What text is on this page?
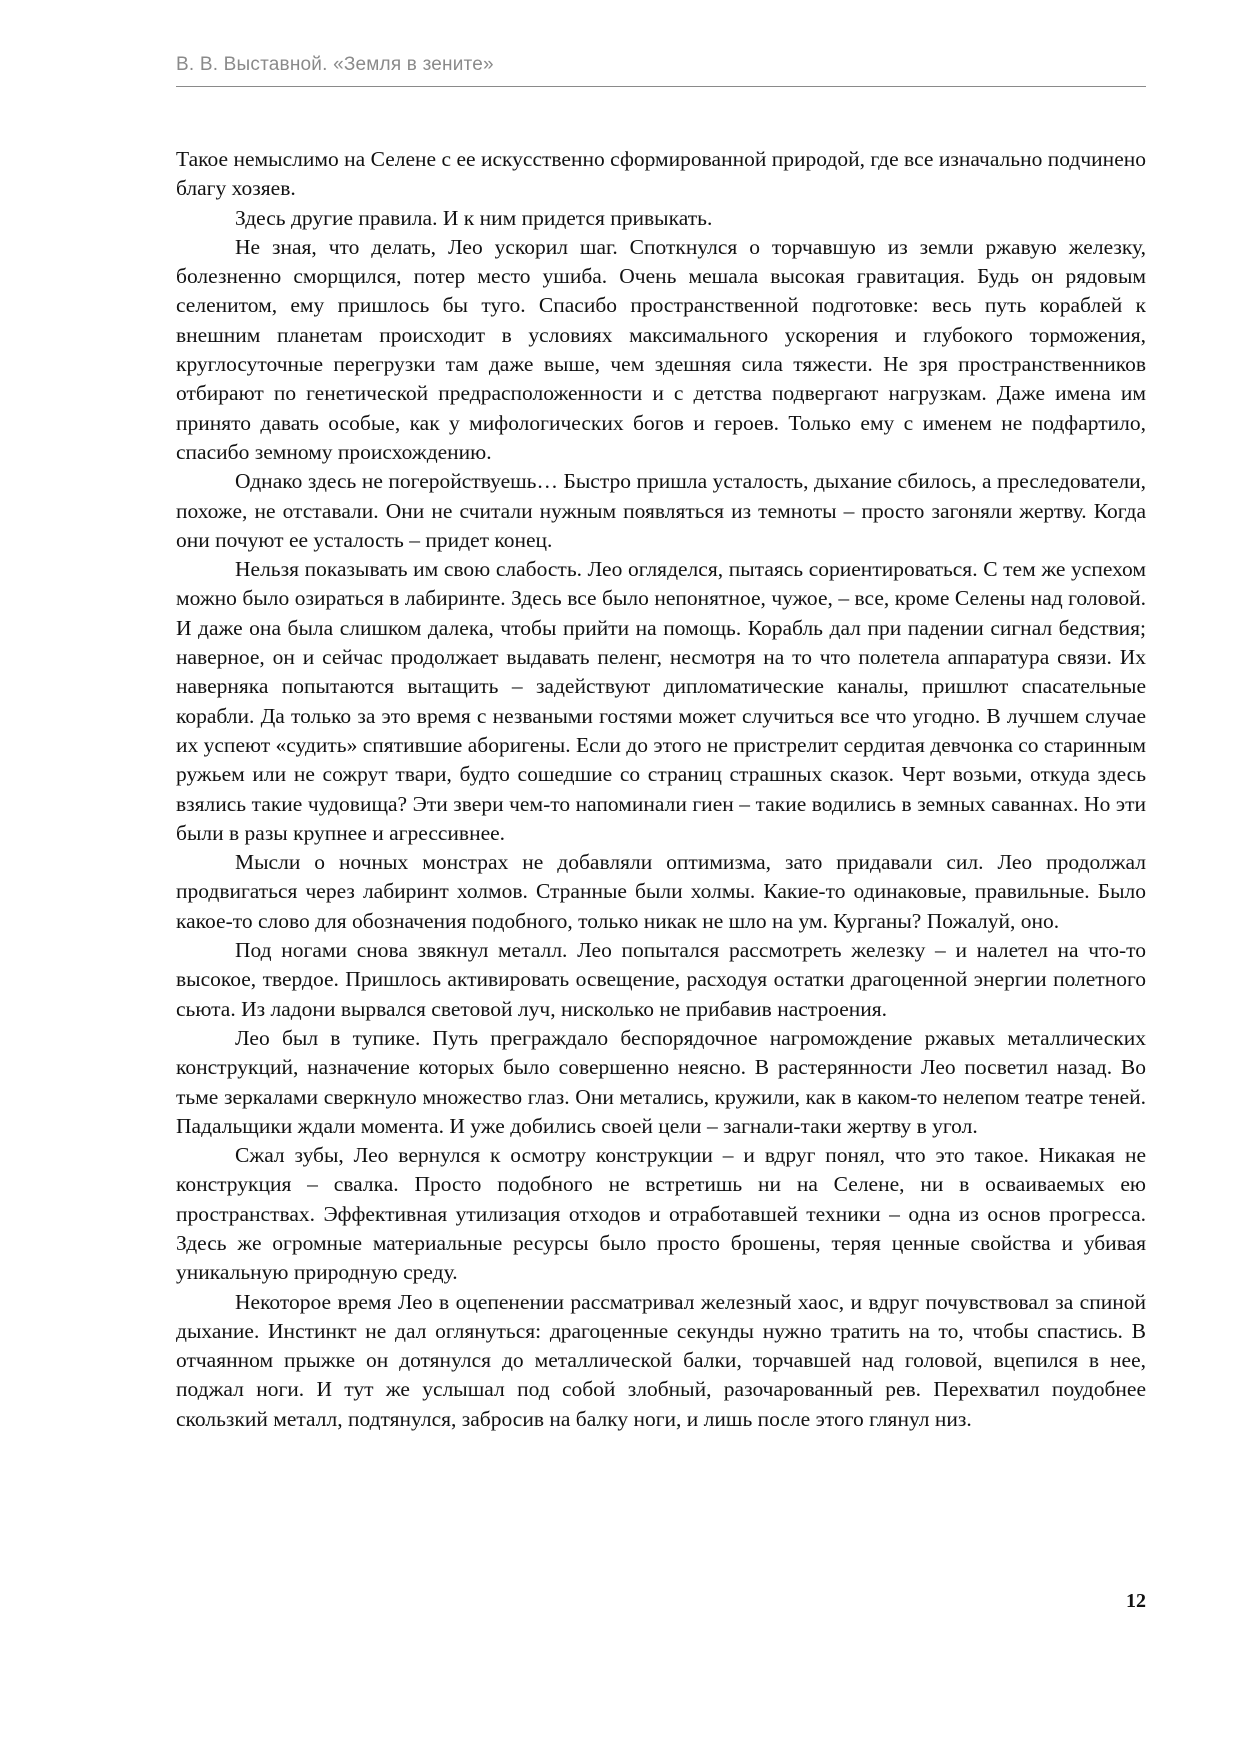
В. В. Выставной. «Земля в зените»

Такое немыслимо на Селене с ее искусственно сформированной природой, где все изначально подчинено благу хозяев.

Здесь другие правила. И к ним придется привыкать.

Не зная, что делать, Лео ускорил шаг. Споткнулся о торчавшую из земли ржавую железку, болезненно сморщился, потер место ушиба. Очень мешала высокая гравитация. Будь он рядовым селенитом, ему пришлось бы туго. Спасибо пространственной подготовке: весь путь кораблей к внешним планетам происходит в условиях максимального ускорения и глубокого торможения, круглосуточные перегрузки там даже выше, чем здешняя сила тяжести. Не зря пространственников отбирают по генетической предрасположенности и с детства подвергают нагрузкам. Даже имена им принято давать особые, как у мифологических богов и героев. Только ему с именем не подфартило, спасибо земному происхождению.

Однако здесь не погеройствуешь… Быстро пришла усталость, дыхание сбилось, а преследователи, похоже, не отставали. Они не считали нужным появляться из темноты – просто загоняли жертву. Когда они почуют ее усталость – придет конец.

Нельзя показывать им свою слабость. Лео огляделся, пытаясь сориентироваться. С тем же успехом можно было озираться в лабиринте. Здесь все было непонятное, чужое, – все, кроме Селены над головой. И даже она была слишком далека, чтобы прийти на помощь. Корабль дал при падении сигнал бедствия; наверное, он и сейчас продолжает выдавать пеленг, несмотря на то что полетела аппаратура связи. Их наверняка попытаются вытащить – задействуют дипломатические каналы, пришлют спасательные корабли. Да только за это время с незваными гостями может случиться все что угодно. В лучшем случае их успеют «судить» спятившие аборигены. Если до этого не пристрелит сердитая девчонка со старинным ружьем или не сожрут твари, будто сошедшие со страниц страшных сказок. Черт возьми, откуда здесь взялись такие чудовища? Эти звери чем-то напоминали гиен – такие водились в земных саваннах. Но эти были в разы крупнее и агрессивнее.

Мысли о ночных монстрах не добавляли оптимизма, зато придавали сил. Лео продолжал продвигаться через лабиринт холмов. Странные были холмы. Какие-то одинаковые, правильные. Было какое-то слово для обозначения подобного, только никак не шло на ум. Курганы? Пожалуй, оно.

Под ногами снова звякнул металл. Лео попытался рассмотреть железку – и налетел на что-то высокое, твердое. Пришлось активировать освещение, расходуя остатки драгоценной энергии полетного сьюта. Из ладони вырвался световой луч, нисколько не прибавив настроения.

Лео был в тупике. Путь преграждало беспорядочное нагромождение ржавых металлических конструкций, назначение которых было совершенно неясно. В растерянности Лео посветил назад. Во тьме зеркалами сверкнуло множество глаз. Они метались, кружили, как в каком-то нелепом театре теней. Падальщики ждали момента. И уже добились своей цели – загнали-таки жертву в угол.

Сжал зубы, Лео вернулся к осмотру конструкции – и вдруг понял, что это такое. Никакая не конструкция – свалка. Просто подобного не встретишь ни на Селене, ни в осваиваемых ею пространствах. Эффективная утилизация отходов и отработавшей техники – одна из основ прогресса. Здесь же огромные материальные ресурсы было просто брошены, теряя ценные свойства и убивая уникальную природную среду.

Некоторое время Лео в оцепенении рассматривал железный хаос, и вдруг почувствовал за спиной дыхание. Инстинкт не дал оглянуться: драгоценные секунды нужно тратить на то, чтобы спастись. В отчаянном прыжке он дотянулся до металлической балки, торчавшей над головой, вцепился в нее, поджал ноги. И тут же услышал под собой злобный, разочарованный рев. Перехватил поудобнее скользкий металл, подтянулся, забросив на балку ноги, и лишь после этого глянул низ.

12
